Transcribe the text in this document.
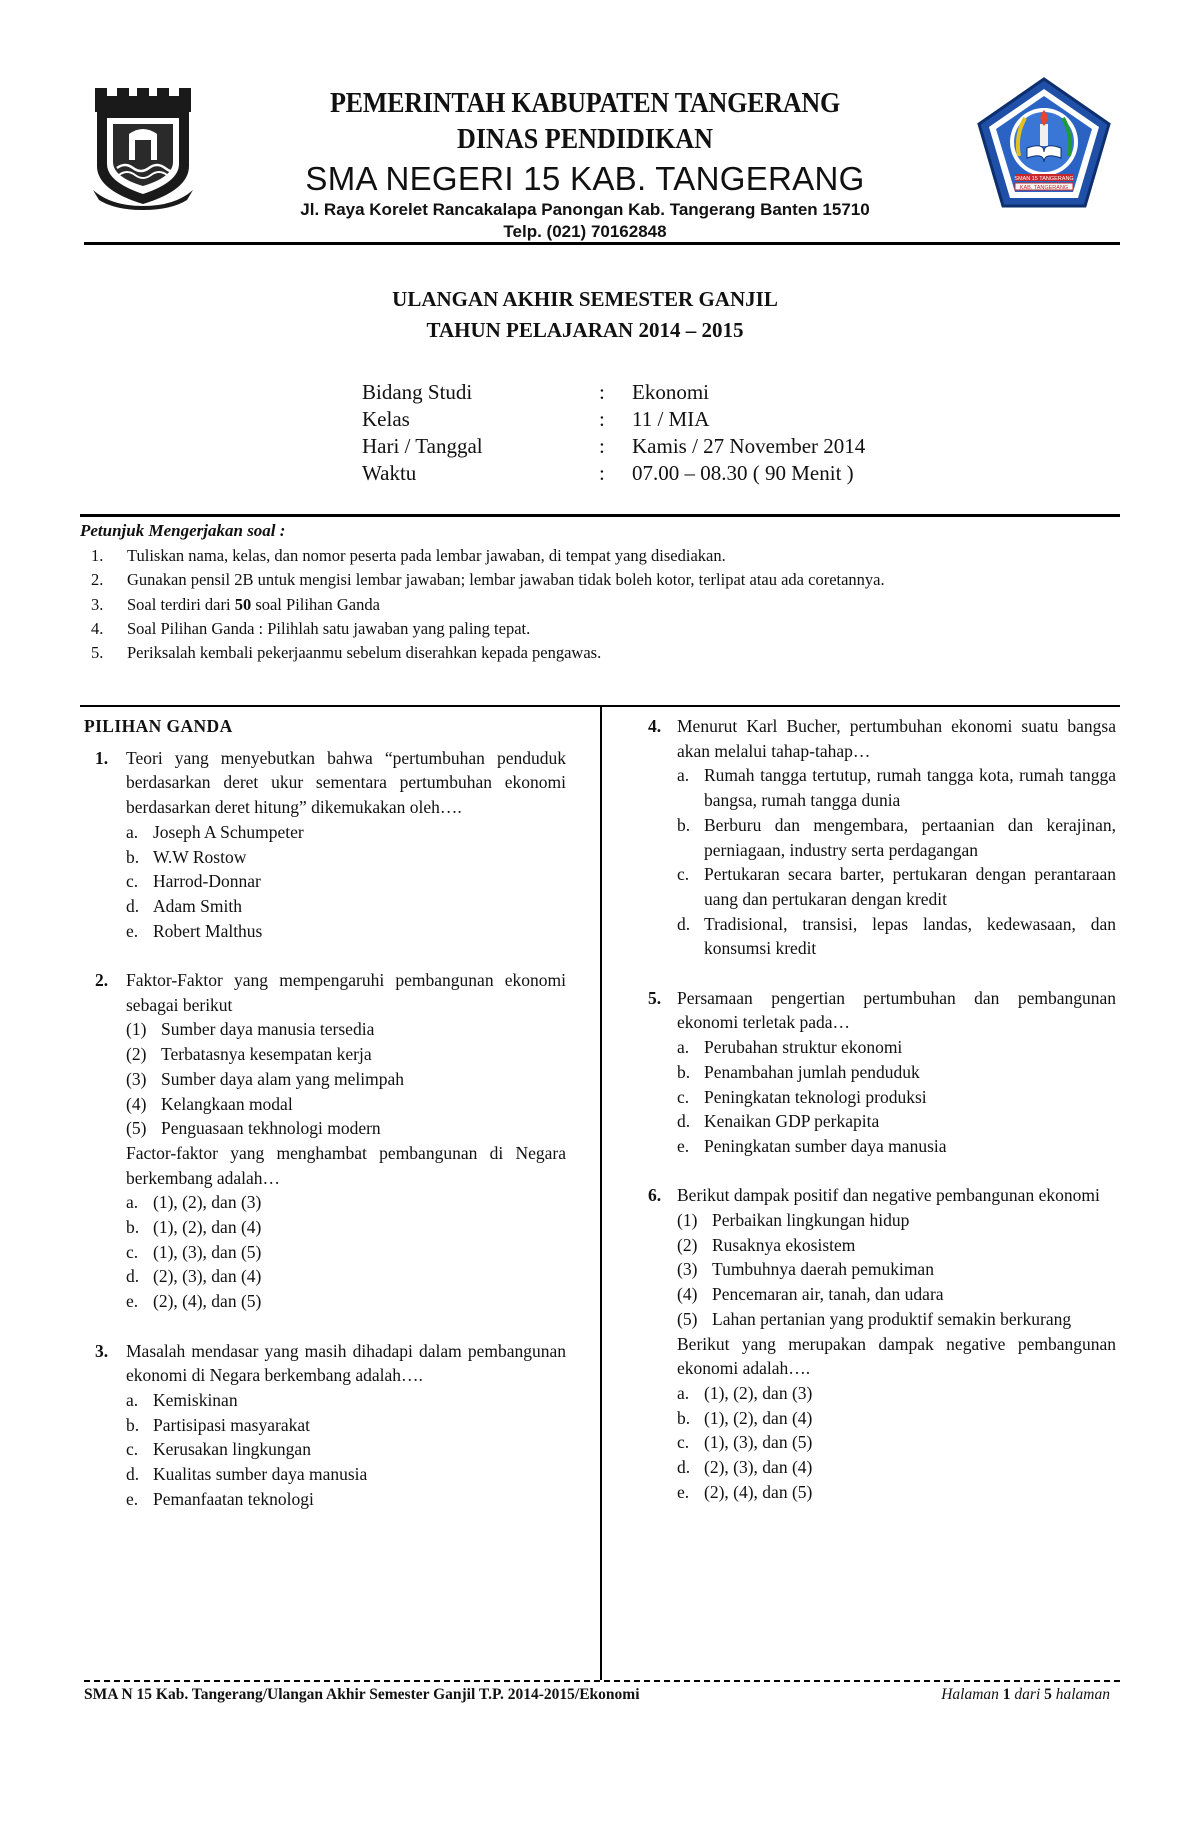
SMAN 15 TANGERANG
KAB. TANGERANG
PEMERINTAH KABUPATEN TANGERANG
DINAS PENDIDIKAN
SMA NEGERI 15 KAB. TANGERANG
Jl. Raya Korelet Rancakalapa Panongan Kab. Tangerang Banten 15710
Telp. (021) 70162848
ULANGAN AKHIR SEMESTER GANJIL
TAHUN PELAJARAN 2014 – 2015
Bidang Studi	: Ekonomi
Kelas	: 11 / MIA
Hari / Tanggal	: Kamis / 27 November 2014
Waktu	: 07.00 – 08.30 ( 90 Menit )
Petunjuk Mengerjakan soal :
1. Tuliskan nama, kelas, dan nomor peserta pada lembar jawaban, di tempat yang disediakan.
2. Gunakan pensil 2B untuk mengisi lembar jawaban; lembar jawaban tidak boleh kotor, terlipat atau ada coretannya.
3. Soal terdiri dari 50 soal Pilihan Ganda
4. Soal Pilihan Ganda : Pilihlah satu jawaban yang paling tepat.
5. Periksalah kembali pekerjaanmu sebelum diserahkan kepada pengawas.
PILIHAN GANDA
1. Teori yang menyebutkan bahwa “pertumbuhan penduduk berdasarkan deret ukur sementara pertumbuhan ekonomi berdasarkan deret hitung” dikemukakan oleh….
a. Joseph A Schumpeter
b. W.W Rostow
c. Harrod-Donnar
d. Adam Smith
e. Robert Malthus
2. Faktor-Faktor yang mempengaruhi pembangunan ekonomi sebagai berikut
(1) Sumber daya manusia tersedia
(2) Terbatasnya kesempatan kerja
(3) Sumber daya alam yang melimpah
(4) Kelangkaan modal
(5) Penguasaan tekhnologi modern
Factor-faktor yang menghambat pembangunan di Negara berkembang adalah…
a. (1), (2), dan (3)
b. (1), (2), dan (4)
c. (1), (3), dan (5)
d. (2), (3), dan (4)
e. (2), (4), dan (5)
3. Masalah mendasar yang masih dihadapi dalam pembangunan ekonomi di Negara berkembang adalah….
a. Kemiskinan
b. Partisipasi masyarakat
c. Kerusakan lingkungan
d. Kualitas sumber daya manusia
e. Pemanfaatan teknologi
4. Menurut Karl Bucher, pertumbuhan ekonomi suatu bangsa akan melalui tahap-tahap…
a. Rumah tangga tertutup, rumah tangga kota, rumah tangga bangsa, rumah tangga dunia
b. Berburu dan mengembara, pertaanian dan kerajinan, perniagaan, industry serta perdagangan
c. Pertukaran secara barter, pertukaran dengan perantaraan uang dan pertukaran dengan kredit
d. Tradisional, transisi, lepas landas, kedewasaan, dan konsumsi kredit
5. Persamaan pengertian pertumbuhan dan pembangunan ekonomi terletak pada…
a. Perubahan struktur ekonomi
b. Penambahan jumlah penduduk
c. Peningkatan teknologi produksi
d. Kenaikan GDP perkapita
e. Peningkatan sumber daya manusia
6. Berikut dampak positif dan negative pembangunan ekonomi
(1) Perbaikan lingkungan hidup
(2) Rusaknya ekosistem
(3) Tumbuhnya daerah pemukiman
(4) Pencemaran air, tanah, dan udara
(5) Lahan pertanian yang produktif semakin berkurang
Berikut yang merupakan dampak negative pembangunan ekonomi adalah….
a. (1), (2), dan (3)
b. (1), (2), dan (4)
c. (1), (3), dan (5)
d. (2), (3), dan (4)
e. (2), (4), dan (5)
SMA N 15 Kab. Tangerang/Ulangan Akhir Semester Ganjil T.P. 2014-2015/Ekonomi	Halaman 1 dari 5 halaman
